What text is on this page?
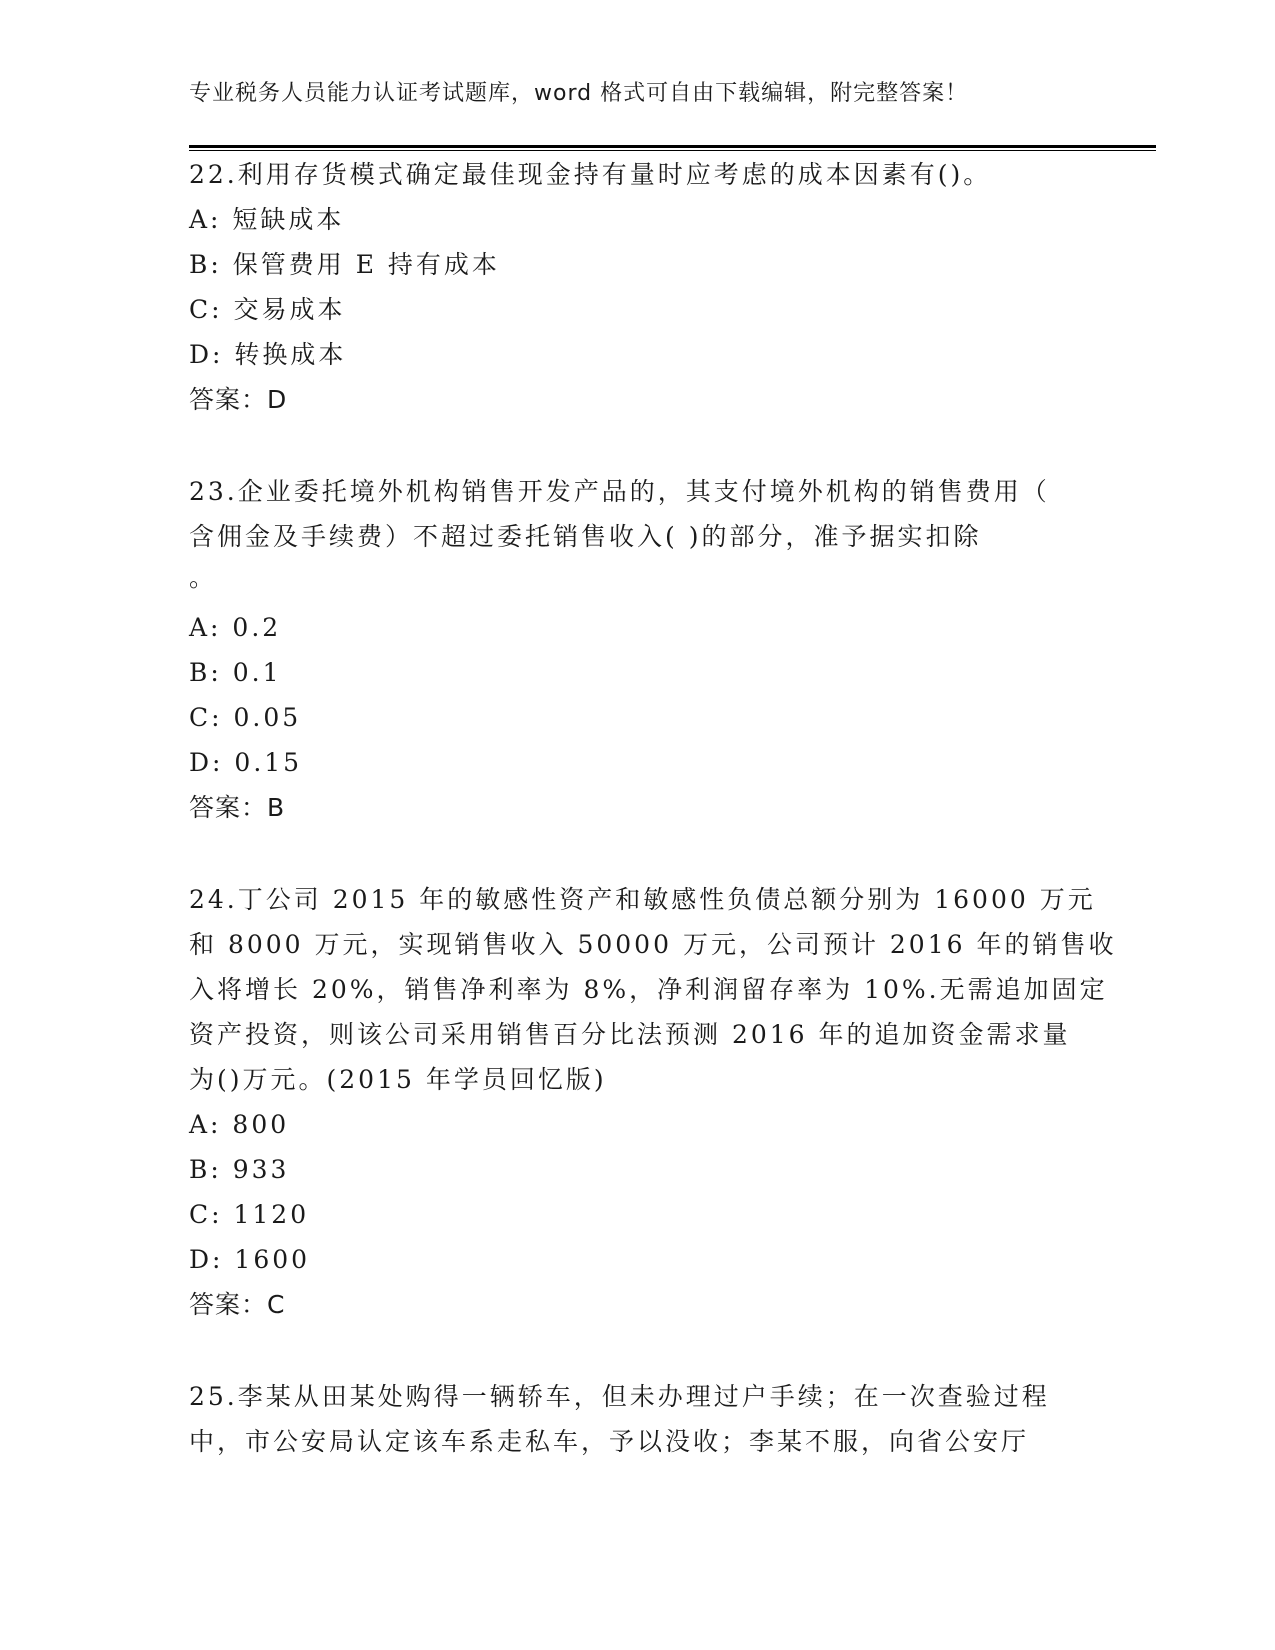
专业税务人员能力认证考试题库，word 格式可自由下载编辑，附完整答案！
22.利用存货模式确定最佳现金持有量时应考虑的成本因素有()。
A: 短缺成本
B: 保管费用 E 持有成本
C: 交易成本
D: 转换成本
答案：D
23.企业委托境外机构销售开发产品的，其支付境外机构的销售费用（
含佣金及手续费）不超过委托销售收入( )的部分，准予据实扣除
。
A: 0.2
B: 0.1
C: 0.05
D: 0.15
答案：B
24.丁公司 2015 年的敏感性资产和敏感性负债总额分别为 16000 万元
和 8000 万元，实现销售收入 50000 万元，公司预计 2016 年的销售收
入将增长 20%，销售净利率为 8%，净利润留存率为 10%.无需追加固定
资产投资，则该公司采用销售百分比法预测 2016 年的追加资金需求量
为()万元。(2015 年学员回忆版)
A: 800
B: 933
C: 1120
D: 1600
答案：C
25.李某从田某处购得一辆轿车，但未办理过户手续；在一次查验过程
中，市公安局认定该车系走私车，予以没收；李某不服，向省公安厅
